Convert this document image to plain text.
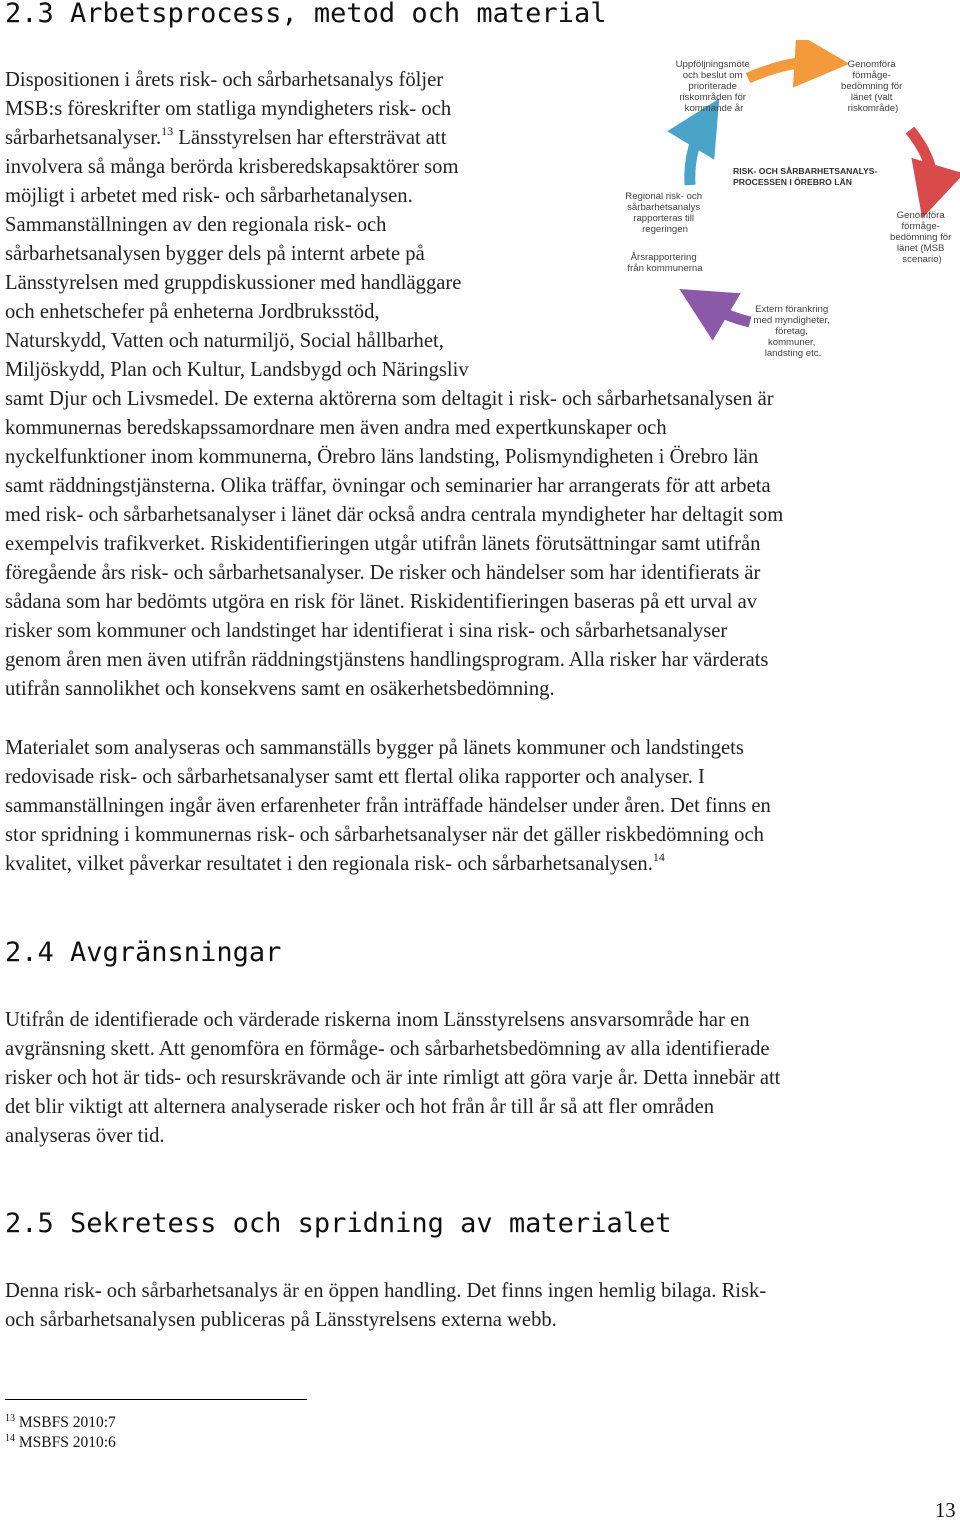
2.3 Arbetsprocess, metod och material

Dispositionen i årets risk- och sårbarhetsanalys följer

MSB:s föreskrifter om statliga myndigheters risk- och

sårbarhetsanalyser.$^{13}$ Länsstyrelsen har eftersträvat att

involvera så många berörda krisberedskapsaktörer som

möjligt i arbetet med risk- och sårbarhetanalysen.

Sammanställningen av den regionala risk- och

sårbarhetsanalysen bygger dels på internt arbete på

Länsstyrelsen med gruppdiskussioner med handläggare

och enhetschefer på enheterna Jordbruksstöd,

Naturskydd, Vatten och naturmiljö, Social hållbarhet,

Miljöskydd, Plan och Kultur, Landsbygd och Näringsliv

samt Djur och Livsmedel. De externa aktörerna som deltagit i risk- och sårbarhetsanalysen är

kommunernas beredskapssamordnare men även andra med expertkunskaper och

nyckelfunktioner inom kommunerna, Örebro läns landsting, Polismyndigheten i Örebro län

samt räddningstjänsterna. Olika träffar, övningar och seminarier har arrangerats för att arbeta

med risk- och sårbarhetsanalyser i länet där också andra centrala myndigheter har deltagit som

exempelvis trafikverket. Riskidentifieringen utgår utifrån länets förutsättningar samt utifrån

föregående års risk- och sårbarhetsanalyser. De risker och händelser som har identifierats är

sådana som har bedömts utgöra en risk för länet. Riskidentifieringen baseras på ett urval av

risker som kommuner och landstinget har identifierat i sina risk- och sårbarhetsanalyser

genom åren men även utifrån räddningstjänstens handlingsprogram. Alla risker har värderats

utifrån sannolikhet och konsekvens samt en osäkerhetsbedömning.

Materialet som analyseras och sammanställs bygger på länets kommuner och landstingets

redovisade risk- och sårbarhetsanalyser samt ett flertal olika rapporter och analyser. I

sammanställningen ingår även erfarenheter från inträffade händelser under åren. Det finns en

stor spridning i kommunernas risk- och sårbarhetsanalyser när det gäller riskbedömning och

kvalitet, vilket påverkar resultatet i den regionala risk- och sårbarhetsanalysen.$^{14}$

RISK- OCH SÅRBARHETSANALYS- PROCESSEN I ÖREBRO LÄN
Uppföljningsmöte och beslut om prioriterade riskområden för kommande år
Genomföra förmåge- bedömning för länet (valt riskområde)
Genomföra förmåge- bedömning för länet (MSB scenario)
Extern förankring med myndigheter, företag, kommuner, landsting etc.
Regional risk- och sårbarhetsanalys rapporteras till regeringen
Årsrapportering från kommunerna
2.4 Avgränsningar

Utifrån de identifierade och värderade riskerna inom Länsstyrelsens ansvarsområde har en

avgränsning skett. Att genomföra en förmåge- och sårbarhetsbedömning av alla identifierade

risker och hot är tids- och resurskrävande och är inte rimligt att göra varje år. Detta innebär att

det blir viktigt att alternera analyserade risker och hot från år till år så att fler områden

analyseras över tid.

2.5 Sekretess och spridning av materialet

Denna risk- och sårbarhetsanalys är en öppen handling. Det finns ingen hemlig bilaga. Risk-

och sårbarhetsanalysen publiceras på Länsstyrelsens externa webb.

$^{13}$ MSBFS 2010:7
$^{14}$ MSBFS 2010:6
13
